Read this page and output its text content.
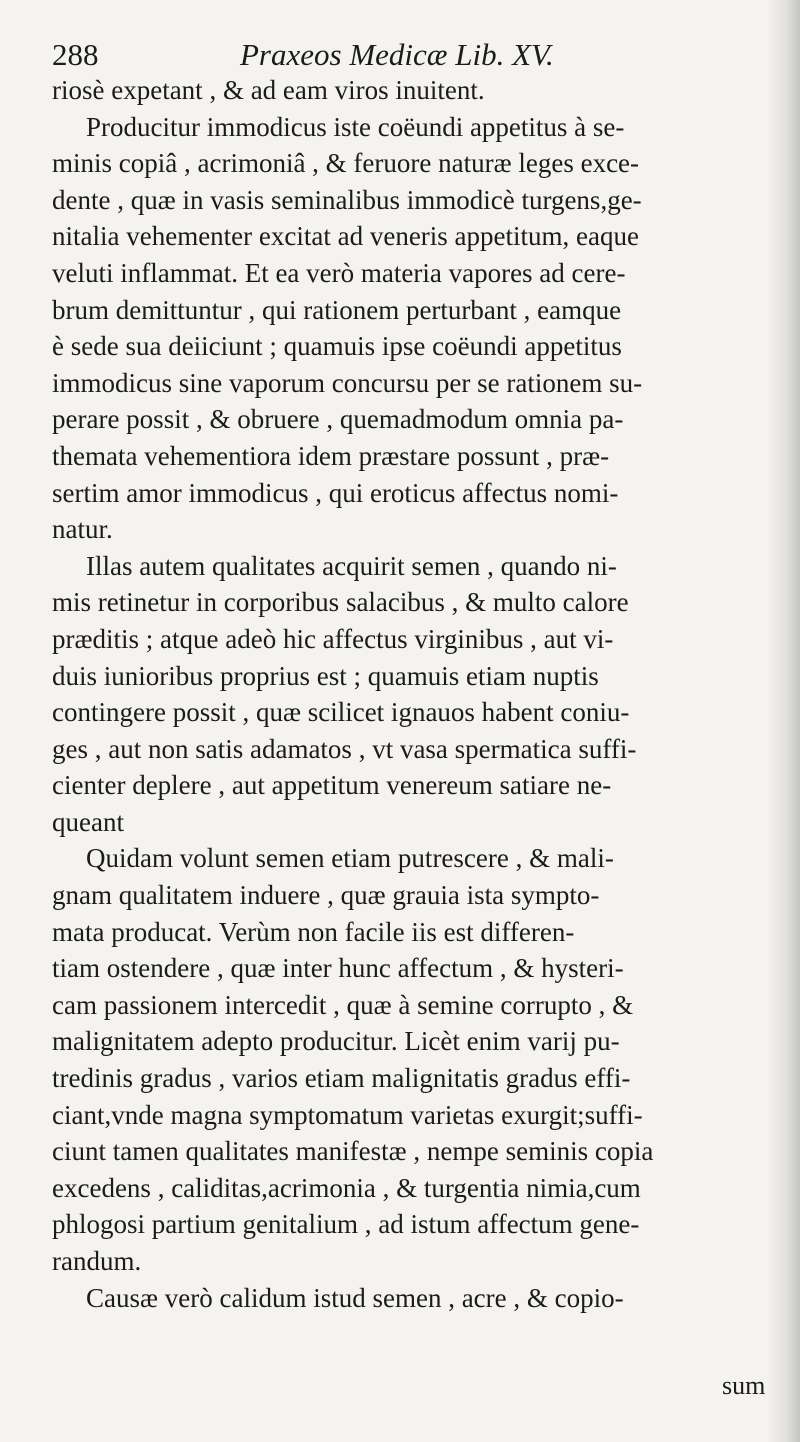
288	Praxeos Medicæ Lib. XV.
riosè expetant , & ad eam viros inuitent.
Producitur immodicus iste coëundi appetitus à se-
minis copiâ , acrimoniâ , & feruore naturæ leges exce-
dente , quæ in vasis seminalibus immodicè turgens,ge-
nitalia vehementer excitat ad veneris appetitum, eaque
veluti inflammat. Et ea verò materia vapores ad cere-
brum demittuntur , qui rationem perturbant , eamque
è sede sua deiiciunt ; quamuis ipse coëundi appetitus
immodicus sine vaporum concursu per se rationem su-
perare possit , & obruere , quemadmodum omnia pa-
themata vehementiora idem præstare possunt , præ-
sertim amor immodicus , qui eroticus affectus nomi-
natur.
Illas autem qualitates acquirit semen , quando ni-
mis retinetur in corporibus salacibus , & multo calore
præditis ; atque adeò hic affectus virginibus , aut vi-
duis iunioribus proprius est ; quamuis etiam nuptis
contingere possit , quæ scilicet ignauos habent coniu-
ges , aut non satis adamatos , vt vasa spermatica suffi-
cienter deplere , aut appetitum venereum satiare ne-
queant
Quidam volunt semen etiam putrescere , & mali-
gnam qualitatem induere , quæ grauia ista sympto-
mata producat. Verùm non facile iis est differen-
tiam ostendere , quæ inter hunc affectum , & hysteri-
cam passionem intercedit , quæ à semine corrupto , &
malignitatem adepto producitur. Licèt enim varij pu-
tredinis gradus , varios etiam malignitatis gradus effi-
ciant,vnde magna symptomatum varietas exurgit;suffi-
ciunt tamen qualitates manifestæ , nempe seminis copia
excedens , caliditas,acrimonia , & turgentia nimia,cum
phlogosi partium genitalium , ad istum affectum gene-
randum.
Causæ verò calidum istud semen , acre , & copio-
sum
